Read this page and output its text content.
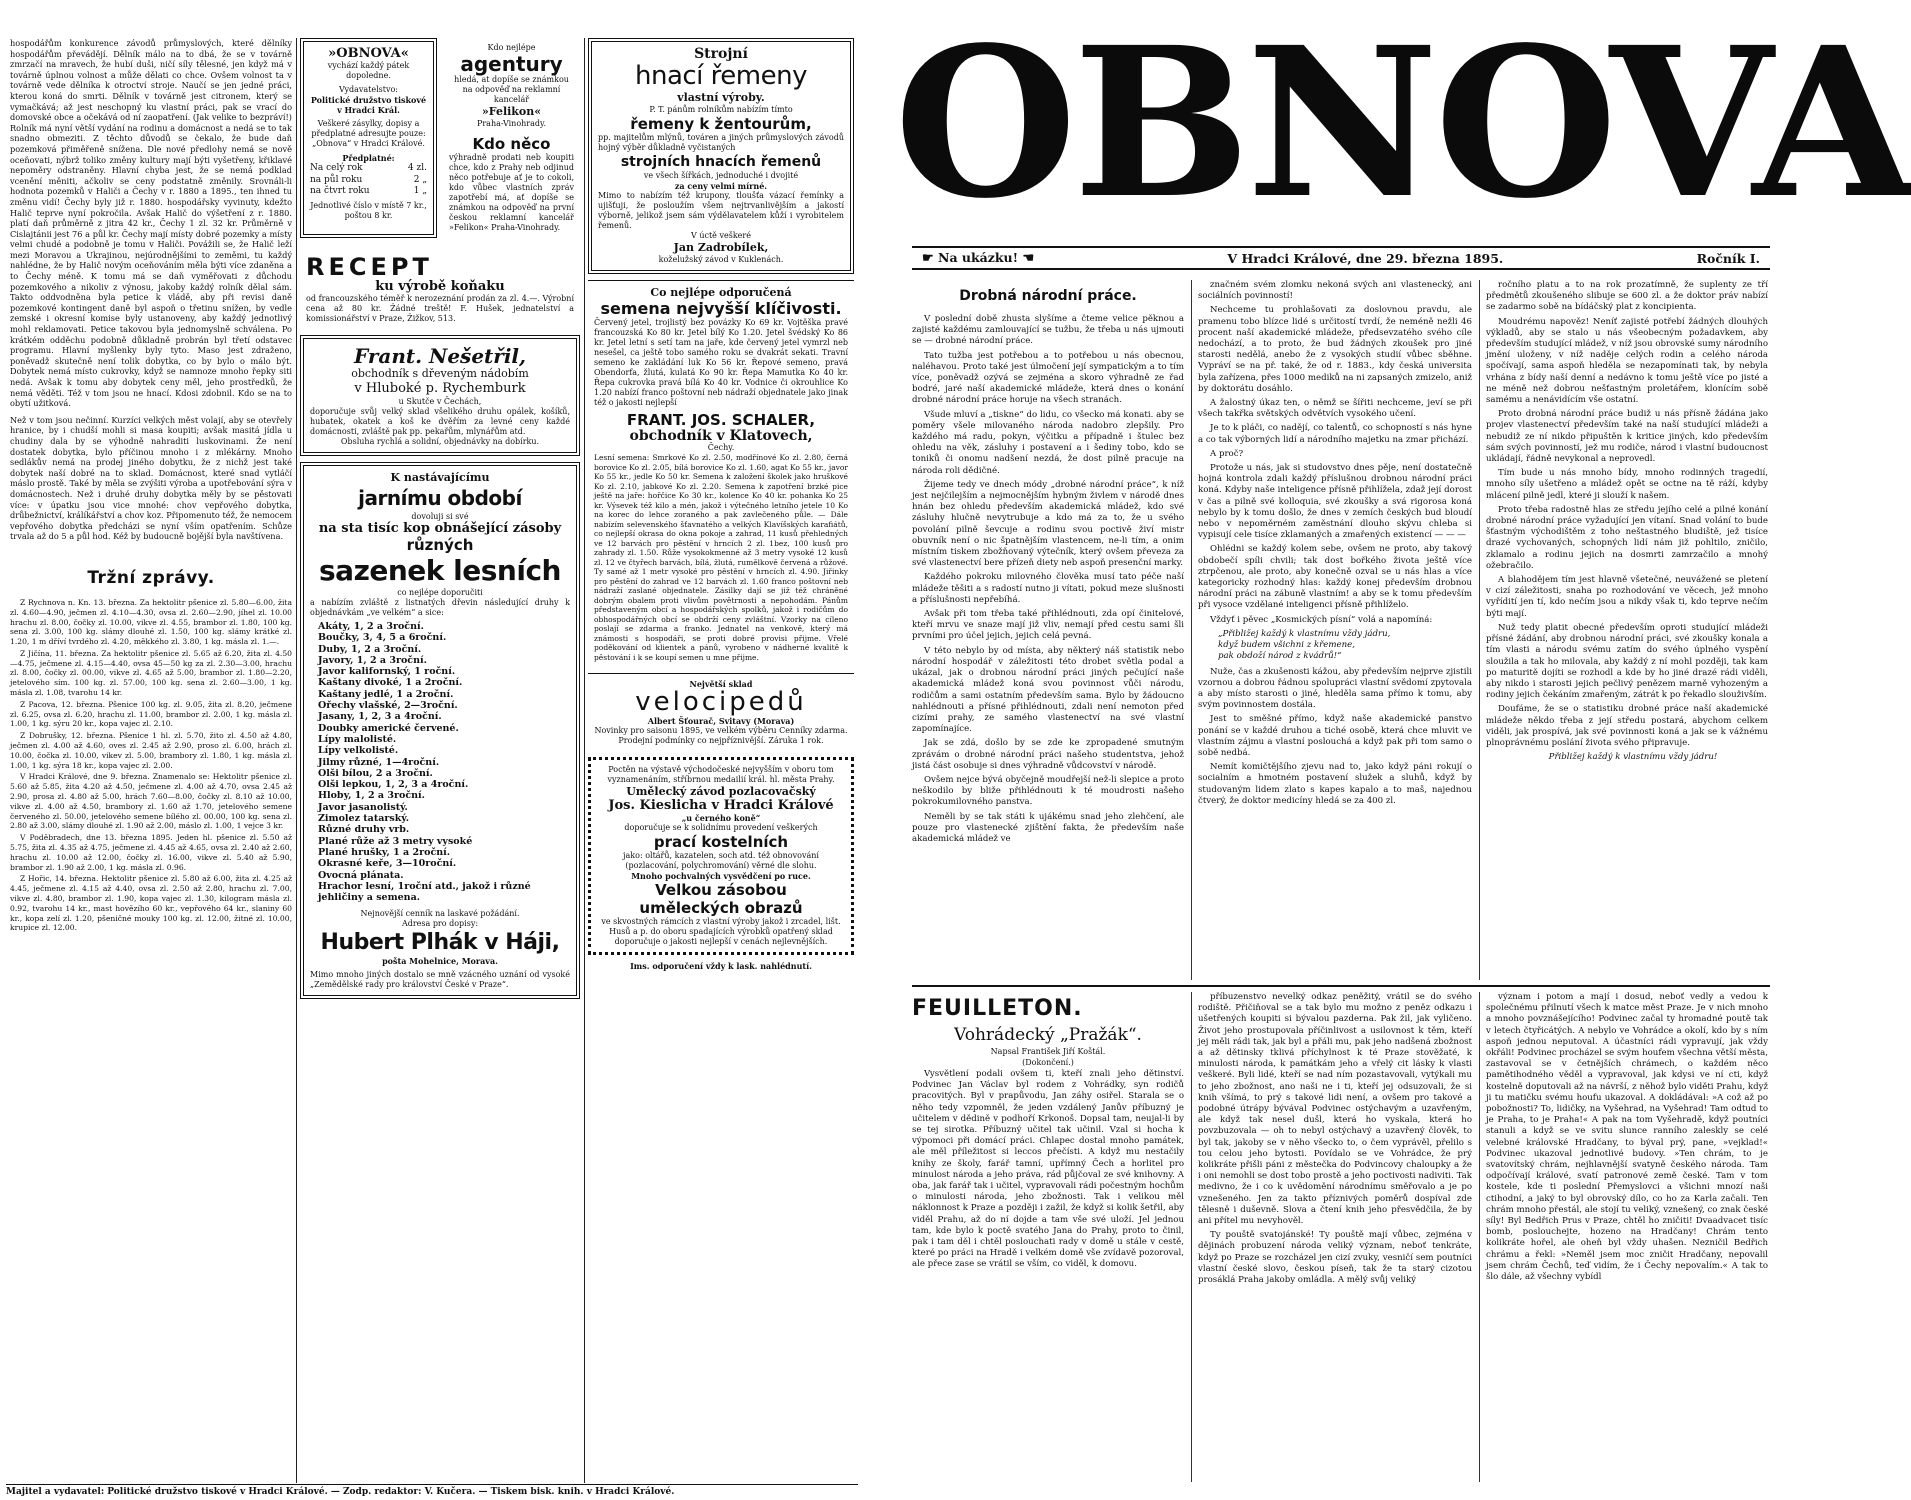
hospodářům konkurence závodů průmyslových, které dělníky hospodářům převádějí. Dělník málo na to dbá, že se v továrně zmrzačí na mravech, že hubí duši, ničí síly tělesné, jen když má v továrně úplnou volnost a může dělati co chce. Ovšem volnost ta v továrně vede dělníka k otroctví stroje. Naučí se jen jedné práci, kterou koná do smrti. Dělník v továrně jest citronem, který se vymačkává; až jest neschopný ku vlastní práci, pak se vrací do domovské obce a očekává od ní zaopatření. (Jak velike to bezpráví!) Rolník má nyní větší vydání na rodinu a domácnost a nedá se to tak snadno obmeziti. Z těchto důvodů se čekalo, že bude daň pozemková přiměřeně snížena. Dle nové předlohy nemá se nově oceňovati, nýbrž toliko změny kultury mají býti vyšetřeny, křiklavé nepoměry odstraněny. Hlavní chyba jest, že se nemá podklad vcenění měniti, ačkoliv se ceny podstatně změnily. Srovnáli-li hodnota pozemků v Haliči a Čechy v r. 1880 a 1895., ten ihned tu změnu vidí! Čechy byly již r. 1880. hospodářsky vyvinuty, kdežto Halič teprve nyní pokročila. Avšak Halič do výšetření z r. 1880. platí daň průměrně z jitra 42 kr., Čechy 1 zl. 32 kr. Průměrně v Cislajtánii jest 76 a půl kr. Čechy mají místy dobré pozemky a místy velmi chudé a podobně je tomu v Haliči. Povážili se, že Halič leží mezi Moravou a Ukrajinou, nejúrodnějšími to zeměmi, tu každý nahlédne, že by Halič novým oceňováním měla býti více zdaněna a to Čechy méně. K tomu má se daň vyměřovati z důchodu pozemkového a nikoliv z výnosu, jakoby každý rolník dělal sám. Takto oddvodněna byla petice k vládě, aby při revisi daně pozemkové kontingent daně byl aspoň o třetinu snížen, by vedle zemské i okresní komise byly ustanoveny, aby každý jednotlivý mohl reklamovati. Petice takovou byla jednomyslně schválena. Po krátkém odděchu podobně důkladně probrán byl třetí odstavec programu. Hlavní myšlenky byly tyto. Maso jest zdraženo, poněvadž skutečně není tolik dobytka, co by bylo o málo být. Dobytek nemá místo cukrovky, když se namnoze mnoho řepky siti nedá. Avšak k tomu aby dobytek ceny měl, jeho prostředků, že nemá věděti. Též v tom jsou ne hnací. Kdosi zdobnil. Kdo se na to obytí užitková.

Než v tom jsou nečinní. Kurzíci velkých měst volají, aby se otevřely hranice, by i chudší mohli si masa koupiti; avšak masitá jídla u chudiny dala by se výhodně nahraditi luskovinami. Že není dostatek dobytka, bylo příčinou mnoho i z mlékárny. Mnoho sedlákův nemá na prodej jiného dobytku, že z nichž jest také dobytek naší dobré na to sklad. Domácnost, které snad vytláčí máslo prostě. Také by měla se zvýšiti výroba a upotřebování sýra v domácnostech. Než i druhé druhy dobytka měly by se pěstovati více: v úpatku jsou vice mnohé: chov vepřového dobytka, drůbežnictví, králíkářství a chov koz. Připomenuto též, že nemocem vepřového dobytka předcházi se nyní vším opatřením. Schůze trvala až do 5 a půl hod. Kéž by budoucně bojější byla navštívena.

Tržní zprávy.

Z Rychnova n. Kn. 13. března. Za hektolitr pšenice zl. 5.80—6.00, žita zl. 4.60—4.90, ječmen zl. 4.10—4.30, ovsa zl. 2.60—2.90, jíhel zl. 10.00 hrachu zl. 8.00, čočky zl. 10.00, vikve zl. 4.55, brambor zl. 1.80, 100 kg. sena zl. 3.00, 100 kg. slámy dlouhé zl. 1.50, 100 kg. slámy krátké zl. 1.20, 1 m dříví tvrdého zl. 4.20, měkkého zl. 3.80, 1 kg. másla zl. 1.—.

Z Jičína, 11. března. Za hektolitr pšenice zl. 5.65 až 6.20, žita zl. 4.50—4.75, ječmene zl. 4.15—4.40, ovsa 45—50 kg za zl. 2.30—3.00, hrachu zl. 8.00, čočky zl. 00.00, vikve zl. 4.65 až 5.00, brambor zl. 1.80—2.20, jetelového sím. 100 kg. zl. 57.00, 100 kg. sena zl. 2.60—3.00, 1 kg. másla zl. 1.08, tvarohu 14 kr.

Z Pacova, 12. března. Pšenice 100 kg. zl. 9.05, žita zl. 8.20, ječmene zl. 6.25, ovsa zl. 6.20, hrachu zl. 11.00, brambor zl. 2.00, 1 kg. másla zl. 1.00, 1 kg. sýru 20 kr., kopa vajec zl. 2.10.

Z Dobrušky, 12. března. Pšenice 1 hl. zl. 5.70, žito zl. 4.50 až 4.80, ječmen zl. 4.00 až 4.60, oves zl. 2.45 až 2.90, proso zl. 6.00, hrách zl. 10.00, čočka zl. 10.00, vikev zl. 5.00, brambory zl. 1.80, 1 kg. másla zl. 1.00, 1 kg. sýra 18 kr., kopa vajec zl. 2.00.

V Hradci Králové, dne 9. března. Znamenalo se: Hektolitr pšenice zl. 5.60 až 5.85, žita 4.20 až 4.50, ječmene zl. 4.00 až 4.70, ovsa 2.45 až 2.90, prosa zl. 4.80 až 5.00, hrách 7.60—8.00, čočky zl. 8.10 až 10.00, vikve zl. 4.00 až 4.50, brambory zl. 1.60 až 1.70, jetelového semene červeného zl. 50.00, jetelového semene bílého zl. 00.00, 100 kg. sena zl. 2.80 až 3.00, slámy dlouhé zl. 1.90 až 2.00, máslo zl. 1.00, 1 vejce 3 kr.

V Poděbradech, dne 13. března 1895. Jeden hl. pšenice zl. 5.50 až 5.75, žita zl. 4.35 až 4.75, ječmene zl. 4.45 až 4.65, ovsa zl. 2.40 až 2.60, hrachu zl. 10.00 až 12.00, čočky zl. 16.00, vikve zl. 5.40 až 5.90, brambor zl. 1.90 až 2.00, 1 kg. másla zl. 0.96.

Z Hořic, 14. března. Hektolitr pšenice zl. 5.80 až 6.00, žita zl. 4.25 až 4.45, ječmene zl. 4.15 až 4.40, ovsa zl. 2.50 až 2.80, hrachu zl. 7.00, vikve zl. 4.80, brambor zl. 1.90, kopa vajec zl. 1.30, kilogram másla zl. 0.92, tvarohu 14 kr., mast hovězího 60 kr., vepřového 64 kr., slaniny 60 kr., kopa zelí zl. 1.20, pšeničné mouky 100 kg. zl. 12.00, žitné zl. 10.00, krupice zl. 12.00.

»OBNOVA«
vychází každý pátek dopoledne.
Vydavatelstvo:
Politické družstvo tiskové v Hradci Král.
Veškeré zásylky, dopisy a předplatné adresujte pouze:
„Obnova“ v Hradci Králové.
Předplatné:
Na celý rok	4 zl.
na půl roku	2 „
na čtvrt roku	1 „
Jednotlivé číslo v místě 7 kr., poštou 8 kr.
Kdo nejlépe
agentury
hledá, at dopíše se známkou na odpověď na reklamní kancelář
»Felikon«
Praha-Vinohrady.
Kdo něco
výhradně prodati neb koupiti chce, kdo z Prahy neb odjinud něco potřebuje ať je to cokoli, kdo vůbec vlastních zpráv zapotřebí má, ať dopíše se známkou na odpověď na první českou reklamní kancelář »Felikon« Praha-Vinohrady.
RECEPT
ku výrobě koňaku
od francouzského téměř k nerozeznání prodán za zl. 4.—. Výrobní cena až 80 kr. Žádné treště! F. Hušek, jednatelství a komissionářství v Praze, Žižkov, 513.
Frant. Nešetřil,
obchodník s dřeveným nádobím
v Hluboké p. Rychemburk
u Skutče v Čechách,
doporučuje svůj velký sklad všelikého druhu opálek, košíků, hubatek, okatek a koš ke dvěřím za levné ceny každé domácnosti, zvláště pak pp. pekařům, mlynářům atd.
Obsluha rychlá a solidní, objednávky na dobírku.
K nastávajícímu
jarnímu období
dovoluji si své
na sta tisíc kop obnášející zásoby
různých
sazenek lesních
co nejlépe doporučiti
a nabízím zvláště z listnatých dřevin následující druhy k objednávkám „ve velkém“ a sice:
Akáty, 1, 2 a 3roční.
Boučky, 3, 4, 5 a 6roční.
Duby, 1, 2 a 3roční.
Javory, 1, 2 a 3roční.
Javor kalifornský, 1 roční.
Kaštany divoké, 1 a 2roční.
Kaštany jedlé, 1 a 2roční.
Ořechy vlašské, 2—3roční.
Jasany, 1, 2, 3 a 4roční.
Doubky americké červené.
Lípy malolisté.
Lípy velkolisté.
Jilmy různé, 1—4roční.
Olši bílou, 2 a 3roční.
Olši lepkou, 1, 2, 3 a 4roční.
Hloby, 1, 2 a 3roční.
Javor jasanolistý.
Zimolez tatarský.
Různé druhy vrb.
Plané růže až 3 metry vysoké
Plané hrušky, 1 a 2roční.
Okrasné keře, 3—10roční.
Ovocná plánata.
Hrachor lesní, 1roční atd., jakož i různé jehličiny a semena.
Nejnovější cenník na laskavé požádání.
Adresa pro dopisy:
Hubert Plhák v Háji,
pošta Mohelnice, Morava.
Mimo mnoho jiných dostalo se mně vzácného uznání od vysoké „Zemědělské rady pro království České v Praze“.
Strojní
hnací řemeny
vlastní výroby.
P. T. pánům rolníkům nabízím tímto
řemeny k žentourům,
pp. majitelům mlýnů, továren a jiných průmyslových závodů hojný výběr důkladně vyčistaných
strojních hnacích řemenů
ve všech šířkách, jednoduché i dvojité
za ceny velmi mírné.
Mimo to nabízím též krupony, tloušťa vázací řemínky a ujišťuji, že posloužím všem nejtrvanlivějším a jakostí výborně, jelikož jsem sám výdělavatelem kůží i vyrobitelem řemenů.
V úctě veškeré
Jan Zadrobílek,
koželužský závod v Kuklenách.
Co nejlépe odporučená
semena nejvyšší klíčivosti.
Červený jetel, trojlistý bez povázky Ko 69 kr. Vojtěška pravé francouzská Ko 80 kr. Jetel bílý Ko 1.20. Jetel švédský Ko 86 kr. Jetel letní s setí tam na jaře, kde červený jetel vymrzl neb nesešel, ca ještě tobo samého roku se dvakrát sekati. Travní semeno ke zakládání luk Ko 56 kr. Řepové semeno, pravá Obendorfa, žlutá, kulatá Ko 90 kr. Řepa Mamutka Ko 40 kr. Řepa cukrovka pravá bílá Ko 40 kr. Vodnice či okrouhlice Ko 1.20 nabízí franco poštovní neb nádraží objednatele jako jinak též o jakosti nejlepší
FRANT. JOS. SCHALER,
obchodník v Klatovech,
Čechy.
Lesní semena: Smrkové Ko zl. 2.50, modřínové Ko zl. 2.80, černá borovice Ko zl. 2.05, bílá borovice Ko zl. 1.60, agat Ko 55 kr., javor Ko 55 kr., jedle Ko 50 kr. Semena k založení školek jako hruškové Ko zl. 2.10, jabkové Ko zl. 2.20. Semena k zapotření brzké pice ještě na jaře: hořčice Ko 30 kr., kolence Ko 40 kr. pohanka Ko 25 kr. Výsevek též kilo a mén, jakož i výtečného letního jetele 10 Ko na korec do lehce zoraného a pak zavlečeného půle. — Dále nabízím selevenského šťavnatého a velkých Klavíšských karafiátů, co nejlepší okrasa do okna pokoje a zahrad, 11 kusů přehledných ve 12 barvách pro pěstění v hrncích 2 zl. 1bez, 100 kusů pro zahrady zl. 1.50. Růže vysokokmenné až 3 metry vysoké 12 kusů zl. 12 ve čtyřech barvách, bílá, žlutá, rumělkově červená a růžové. Ty samé až 1 metr vysoké pro pěstění v hrncích zl. 4.90. Jiřinky pro pěstění do zahrad ve 12 barvách zl. 1.60 franco poštovní neb nádraží zaslané objednatele. Zásilky dají se již též chráněné dobrým obalem proti vlivům povětrnosti a nepohodám. Pánům představeným obcí a hospodářských spolků, jakož i rodičům do obhospodářných obcí se obdrží ceny zvláštní. Vzorky na cíleno poslají se zdarma a franko. Jednatel na venkově, který má známosti s hospodáři, se proti dobré provisi přijme. Vřelé poděkování od klientek a pánů, vyrobeno v nádherné kvalitě k pěstování i k se koupí semen u mne přijme.
Největší sklad
velocipedů
Albert Šťourač, Svitavy (Morava)
Novinky pro saisonu 1895, ve velkém výběru Cenníky zdarma. Prodejní podmínky co nejpříznivější. Záruka 1 rok.
Poctěn na výstavě východočeské nejvyšším v oboru tom vyznamenáním, stříbrnou medailií král. hl. města Prahy.
Umělecký závod pozlacovačský
Jos. Kieslicha v Hradci Králové
„u černého koně“
doporučuje se k solidnímu provedení veškerých
prací kostelních
jako: oltářů, kazatelen, soch atd. též obnovování (pozlacování, polychromování) věrné dle slohu.
Mnoho pochvalných vysvědčení po ruce.
Velkou zásobou
uměleckých obrazů
ve skvostných rámcích z vlastní výroby jakož i zrcadel, lišt. Husů a p. do oboru spadajících výrobků opatřený sklad doporučuje o jakosti nejlepší v cenách nejlevnějších.
Ims. odporučení vždy k lask. nahlédnutí.
Majitel a vydavatel: Politické družstvo tiskové v Hradci Králové. — Zodp. redaktor: V. Kučera. — Tiskem bisk. knih. v Hradci Králové.
OBNOVA
☛ Na ukázku! ☚	V Hradci Králové, dne 29. března 1895.	Ročník I.
Drobná národní práce.

V poslední době zhusta slyšíme a čteme velice pěknou a zajisté každému zamlouvající se tužbu, že třeba u nás ujmouti se — drobné národní práce.

Tato tužba jest potřebou a to potřebou u nás obecnou, naléhavou. Proto také jest úlmočení její sympatickým a to tím více, poněvadž ozývá se zejména a skoro výhradně ze řad bodré, jaré naší akademické mládeže, která dnes o konání drobné národní práce horuje na všech stranách.

Všude mluví a „tiskne“ do lidu, co všecko má konati. aby se poměry všele milovaného národa nadobro zlepšily. Pro každého má radu, pokyn, výčitku a případně i štulec bez ohledu na věk, zásluhy i postavení a i šediny tobo, kdo se toniků či onomu nadšení nezdá, že dost pilně pracuje na národa roli dědičné.

Žijeme tedy ve dnech módy „drobné národní práce“, k níž jest nejčilejším a nejmocnějším hybným živlem v národě dnes hnán bez ohledu především akademická mládež, kdo své zásluhy hlučně nevytrubuje a kdo má za to, že u svého povolání pilně ševcuje a rodinu svou poctivě živí mistr obuvník není o nic špatnějším vlastencem, ne-li tím, a onim místním tiskem zbožňovaný výtečník, který ovšem převeza za své vlastenectví bere přízeň diety neb aspoň presenční marky.

Každého pokroku milovného člověka musí tato péče naší mládeže těšiti a s radostí nutno ji vítati, pokud meze slušnosti a příslušnosti nepřebíhá.

Avšak při tom třeba také přihlédnouti, zda opí činitelové, kteří mrvu ve snaze mají již vliv, nemají před cestu sami šli prvními pro účel jejich, jejich celá pevná.

V této nebylo by od místa, aby některý náš statistik nebo národní hospodář v záležitosti této drobet světla podal a ukázal, jak o drobnou národní práci jiných pečující naše akademická mládež koná svou povinnost vůči národu, rodičům a sami ostatním především sama. Bylo by žádoucno nahlédnouti a přísné přihlédnouti, zdali není nemoton před cizími prahy, ze samého vlastenectví na své vlastní zapomínajíce.

Jak se zdá, došlo by se zde ke zpropadené smutným zprávám o drobné národní práci našeho studentstva, jehož jistá část osobuje si dnes výhradně vůdcovství v národě.

Ovšem nejce bývá obyčejně moudřejší než-li slepice a proto neškodilo by bliže přihlédnouti k té moudrosti našeho pokrokumilovného panstva.

Neměli by se tak státi k ujákému snad jeho zlehčení, ale pouze pro vlastenecké zjištění fakta, že především naše akademická mládež ve

značném svém zlomku nekoná svých ani vlastenecký, ani sociálních povinností!

Nechceme tu prohlašovati za doslovnou pravdu, ale pramenu tobo blízce lidé s určitostí tvrdí, že neméně nežli 46 procent naší akademické mládeže, předsevzatého svého cíle nedochází, a to proto, že bud žádných zkoušek pro jiné starosti nedělá, anebo že z vysokých studií vůbec sběhne. Vypráví se na př. také, že od r. 1883., kdy česká universita byla zařízena, přes 1000 mediků na ni zapsaných zmizelo, aniž by doktorátu dosáhlo.

A žalostný úkaz ten, o němž se šířiti nechceme, jeví se při všech takřka světských odvětvích vysokého učení.

Je to k pláči, co nadějí, co talentů, co schopností s nás hyne a co tak výborných lidí a národního majetku na zmar přichází.

A proč?

Protože u nás, jak si studovstvo dnes pěje, není dostatečně hojná kontrola zdali každý příslušnou drobnou národní práci koná. Kdyby naše inteligence přísně přihlížela, zdaž její dorost v čas a pilně své kolloquia, své zkoušky a svá rigorosa koná nebylo by k tomu došlo, že dnes v zemích českých bud bloudí nebo v nepoměrném zaměstnání dlouho skývu chleba si vypisují cele tisíce zklamaných a zmařených existencí — — —

Ohlédni se každý kolem sebe, ovšem ne proto, aby takový obdobečí spíli chvili; tak dost bořkého života ještě více ztrpčenou, ale proto, aby konečně ozval se u nás hlas a více kategoricky rozhodný hlas: každý konej především drobnou národní práci na zábuně vlastním! a aby se k tomu především při vysoce vzdělané inteligenci přísně přihlíželo.

Vždyť i pěvec „Kosmických písní“ volá a napomíná:

„Přibližej každý k vlastnímu vždy jádru,
když budem všichni z křemene,
pak obdoží národ z kvádrů!“

Nuže, čas a zkušenosti kážou, aby především nejprve zjistili vzornou a dobrou řádnou spolupráci vlastní svědomí zpytovala a aby místo starosti o jiné, hleděla sama přímo k tomu, aby svým povinnostem dostála.

Jest to směšné přímo, když naše akademické panstvo ponání se v každé druhou a tiché osobě, která chce mluvit ve vlastním zájmu a vlastní poslouchá a když pak při tom samo o sobě nedbá.

Nemít komičtějšího zjevu nad to, jako když páni rokují o socialním a hmotném postavení služek a sluhů, když by studovaným lidem zlato s kapes kapalo a to maš, najednou čtverý, že doktor medicíny hledá se za 400 zl.

ročního platu a to na rok prozatímně, že suplenty ze tří předmětů zkoušeného slibuje se 600 zl. a že doktor práv nabízí se zadarmo sobě na bídáčský plat z koncipienta.

Moudrému napověz! Neníť zajisté potřebí žádných dlouhých výkladů, aby se stalo u nás všeobecným požadavkem, aby především studující mládež, v níž jsou obrovské sumy národního jmění uloženy, v níž naděje celých rodin a celého národa spočívají, sama aspoň hleděla se nezapomínati tak, by nebyla vrhána z bídy naší denní a nedávno k tomu ještě více po jisté a ne méně než dobrou nešťastným proletářem, klonícím sobě samému a nenávidícím vše ostatní.

Proto drobná národní práce budiž u nás přísně žádána jako projev vlastenectví především také na naší studující mládeži a nebudiž ze ní nikdo připuštěn k kritice jiných, kdo především sám svých povinností, jež mu rodiče, národ i vlastní budoucnost ukládají, řádně nevykonal a neprovedl.

Tím bude u nás mnoho bídy, mnoho rodinných tragedií, mnoho síly ušetřeno a mládež opět se octne na tě ráží, kdyby mlácení pilně jedl, které ji slouží k našem.

Proto třeba radostně hlas ze středu jejího celé a pilné konání drobné národní práce vyžadující jen vítaní. Snad volání to bude šťastným východištěm z toho neštastného bludiště, jež tisíce drazé vychovaných, schopných lidí nám již pohltilo, zničilo, zklamalo a rodinu jejich na dosmrti zamrzačilo a mnohý ožebračilo.

A blahodějem tím jest hlavně všetečné, neuvážené se pletení v cizí záležitosti, snaha po rozhodování ve věcech, jež mnoho vyřídití jen tí, kdo nečím jsou a nikdy však ti, kdo teprve nečím býti mají.

Nuž tedy platit obecné především oproti studující mládeži přísné žádání, aby drobnou národní práci, své zkoušky konala a tím vlasti a národu svému zatím do svého úplného vyspění sloužila a tak ho milovala, aby každý z ní mohl později, tak kam po maturitě dojíti se rozhodl a kde by ho jiné drazé rádi viděli, aby nikdo i starosti jejich pečlivý penězem marně vyhozeným a rodiny jejich čekáním zmařeným, zátrát k po řekadlo slouživším.

Doufáme, že se o statistiku drobné práce naší akademické mládeže někdo třeba z její středu postará, abychom celkem viděli, jak prospívá, jak své povinnosti koná a jak se k vážnému plnoprávnému poslání života svého připravuje.

Přibližej každý k vlastnímu vždy jádru!

FEUILLETON.
Vohrádecký „Pražák“.
Napsal František Jiří Koštál.
(Dokončení.)

Vysvětlení podali ovšem ti, kteří znali jeho dětinství. Podvinec Jan Václav byl rodem z Vohrádky, syn rodičů pracovitých. Byl v prapůvodu, Jan záhy osiřel. Starala se o něho tedy vzpomněl, že jeden vzdálený Janův příbuzný je učitelem v dědině v podhoří Krkonoš. Dopsal tam, neujal-li by se tej sirotka. Příbuzný učitel tak učinil. Vzal si hocha k výpomoci při domácí práci. Chlapec dostal mnoho památek, ale měl příležitost si leccos přečísti. A když mu nestačily knihy ze školy, farář tamní, upřímný Čech a horlitel pro minulost národa a jeho práva, rád půjčoval ze své knihovny. A oba, jak farář tak i učitel, vypravovali rádi počestným hochům o minulosti národa, jeho zbožnosti. Tak i velikou měl náklonnost k Praze a později i zažil, že když si kolik šetřil, aby viděl Prahu, až do ní dojde a tam vše své uloží. Jel jednou tam, kde bylo k poctě svatého Jana do Prahy, proto to činil, pak i tam děl i chtěl poslouchati rady v domě u stále v cestě, které po práci na Hradě i velkém domě vše zvídavě pozoroval, ale přece zase se vrátil se vším, co viděl, k domovu.

příbuzenstvo nevelký odkaz peněžitý, vrátil se do svého rodiště. Přičiňoval se a tak bylo mu možno z peněz odkazu i ušetřených koupiti si bývalou pazderna. Pak žil, jak vyličeno. Život jeho prostupovala příčinlivost a usilovnost k těm, kteří jej měli rádi tak, jak byl a přáli mu, pak jeho nadšená zbožnost a až dětinsky tklivá příchylnost k té Praze stověžaté, k minulosti národa, k památkám jeho a vřelý cit lásky k vlasti veškeré. Byli lidé, kteří se nad ním pozastavovali, vytýkali mu to jeho zbožnost, ano naši ne i ti, kteří jej odsuzovali, že si knih všímá, to prý s takové lidi není, a ovšem pro takové a podobné útrápy bývával Podvinec ostýchavým a uzavřeným, ale když tak nesel dušl, která ho vyskala, která ho povzbuzovala — oh to nebyl ostýchavý a uzavřený člověk, to byl tak, jakoby se v něho všecko to, o čem vyprávěl, přelilo s tou celou jeho bytosti. Povídalo se ve Vohrádce, že prý kolikráte přišli páni z městečka do Podvincovy chaloupky a že i oni nemohli se dost tobo prostě a jeho poctivosti nadiviti. Tak medivno, že i co k uvědomění národnímu směřovalo a je po vznešeného. Jen za takto příznivých poměrů dospíval zde tělesně i duševně. Slova a čtení knih jeho přesvědčila, že by ani přítel mu nevyhověl.

Ty pouště svatojánské! Ty pouště mají vůbec, zejména v dějinách probuzení národa veliký význam, neboť tenkráte, když po Praze se rozcházel jen cizí zvuky, vesničí sem poutníci vlastní české slovo, českou píseň, tak že ta starý cizotou prosáklá Praha jakoby omládla. A mělý svůj veliký

význam i potom a mají i dosud, neboť vedly a vedou k společnému přilnutí všech k matce měst Praze. Je v nich mnoho a mnoho povznášejícího! Podvinec začal ty hromadné poutě tak v letech čtyřicátých. A nebylo ve Vohrádce a okolí, kdo by s ním aspoň jednou neputoval. A účastníci rádi vypravují, jak vždy okřáli! Podvinec procházel se svým houfem všechna větší města, zastavoval se v četnějších chrámech, o každém něco pamětihodného věděl a vypravoval, jak kdysi ve ní cti, když kostelně doputovali až na návrší, z něhož bylo viděti Prahu, když ji tu matičku svému houfu ukazoval. A dokládával: »A což až po pobožnosti? To, lidičky, na Vyšehrad, na Vyšehrad! Tam odtud to je Praha, to je Praha!« A pak na tom Vyšehradě, když poutníci stanuli a když se ve svitu slunce ranního zaleskly se celé velebné královské Hradčany, to býval prý, pane, »vejklad!« Podvinec ukazoval jednotlivé budovy. »Ten chrám, to je svatovítský chrám, nejhlavnější svatyně českého národa. Tam odpočívají králové, svatí patronové země české. Tam v tom kostele, kde ti poslední Přemyslovci a všichni mnozí naši ctihodní, a jaký to byl obrovský dílo, co ho za Karla začali. Ten chrám mnoho přestál, ale stojí tu veliký, vznešený, co znak české síly! Byl Bedřich Prus v Praze, chtěl ho zničiti! Dvaadvacet tisíc bomb, poslouchejte, hozeno na Hradčany! Chrám tento kolikráte hořel, ale oheň byl vždy uhašen. Nezničil Bedřich chrámu a řekl: »Neměl jsem moc zničit Hradčany, nepovalil jsem chrám Čechů, teď vidím, že i Čechy nepovalím.« A tak to šlo dále, až všechny vybídl
